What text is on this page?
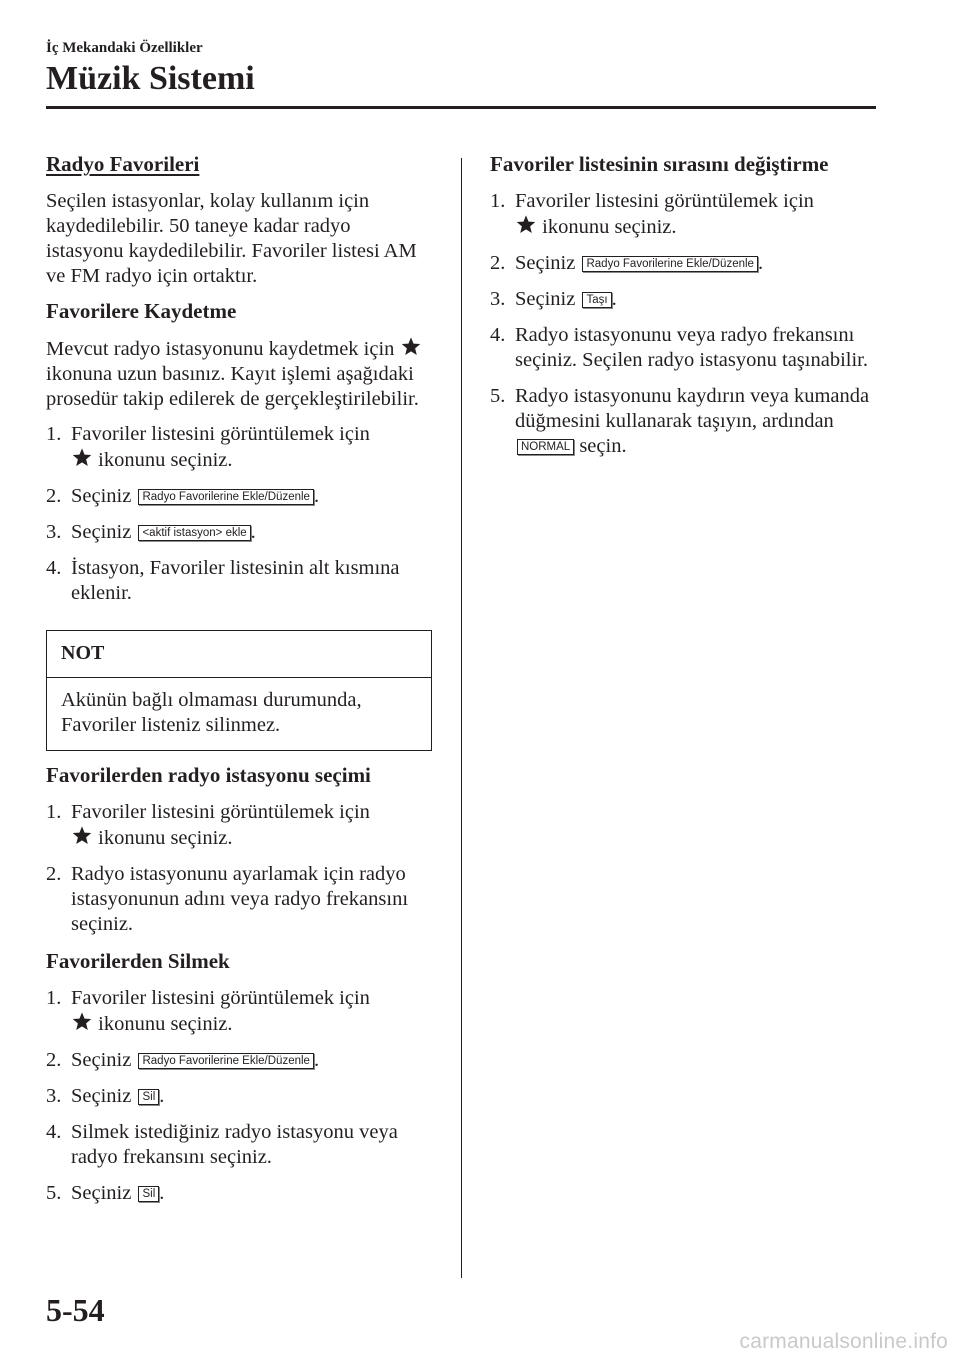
İç Mekandaki Özellikler
Müzik Sistemi
Radyo Favorileri

Seçilen istasyonlar, kolay kullanım için kaydedilebilir. 50 taneye kadar radyo istasyonu kaydedilebilir. Favoriler listesi AM ve FM radyo için ortaktır.

Favorilere Kaydetme

Mevcut radyo istasyonunu kaydetmek için  ikonuna uzun basınız. Kayıt işlemi aşağıdaki prosedür takip edilerek de gerçekleştirilebilir.

1. Favoriler listesini görüntülemek için
ikonunu seçiniz.
2. Seçiniz Radyo Favorilerine Ekle/Düzenle .
3. Seçiniz <aktif istasyon> ekle .
4. İstasyon, Favoriler listesinin alt kısmına eklenir.
NOT
Akünün bağlı olmaması durumunda, Favoriler listeniz silinmez.
Favorilerden radyo istasyonu seçimi
1. Favoriler listesini görüntülemek için
ikonunu seçiniz.
2. Radyo istasyonunu ayarlamak için radyo istasyonunun adını veya radyo frekansını seçiniz.
Favorilerden Silmek
1. Favoriler listesini görüntülemek için
ikonunu seçiniz.
2. Seçiniz Radyo Favorilerine Ekle/Düzenle .
3. Seçiniz Sil .
4. Silmek istediğiniz radyo istasyonu veya radyo frekansını seçiniz.
5. Seçiniz Sil .
Favoriler listesinin sırasını değiştirme
1. Favoriler listesini görüntülemek için
ikonunu seçiniz.
2. Seçiniz Radyo Favorilerine Ekle/Düzenle .
3. Seçiniz Taşı .
4. Radyo istasyonunu veya radyo frekansını seçiniz. Seçilen radyo istasyonu taşınabilir.
5. Radyo istasyonunu kaydırın veya kumanda düğmesini kullanarak taşıyın, ardından NORMAL seçin.
5-54
carmanualsonline.info
